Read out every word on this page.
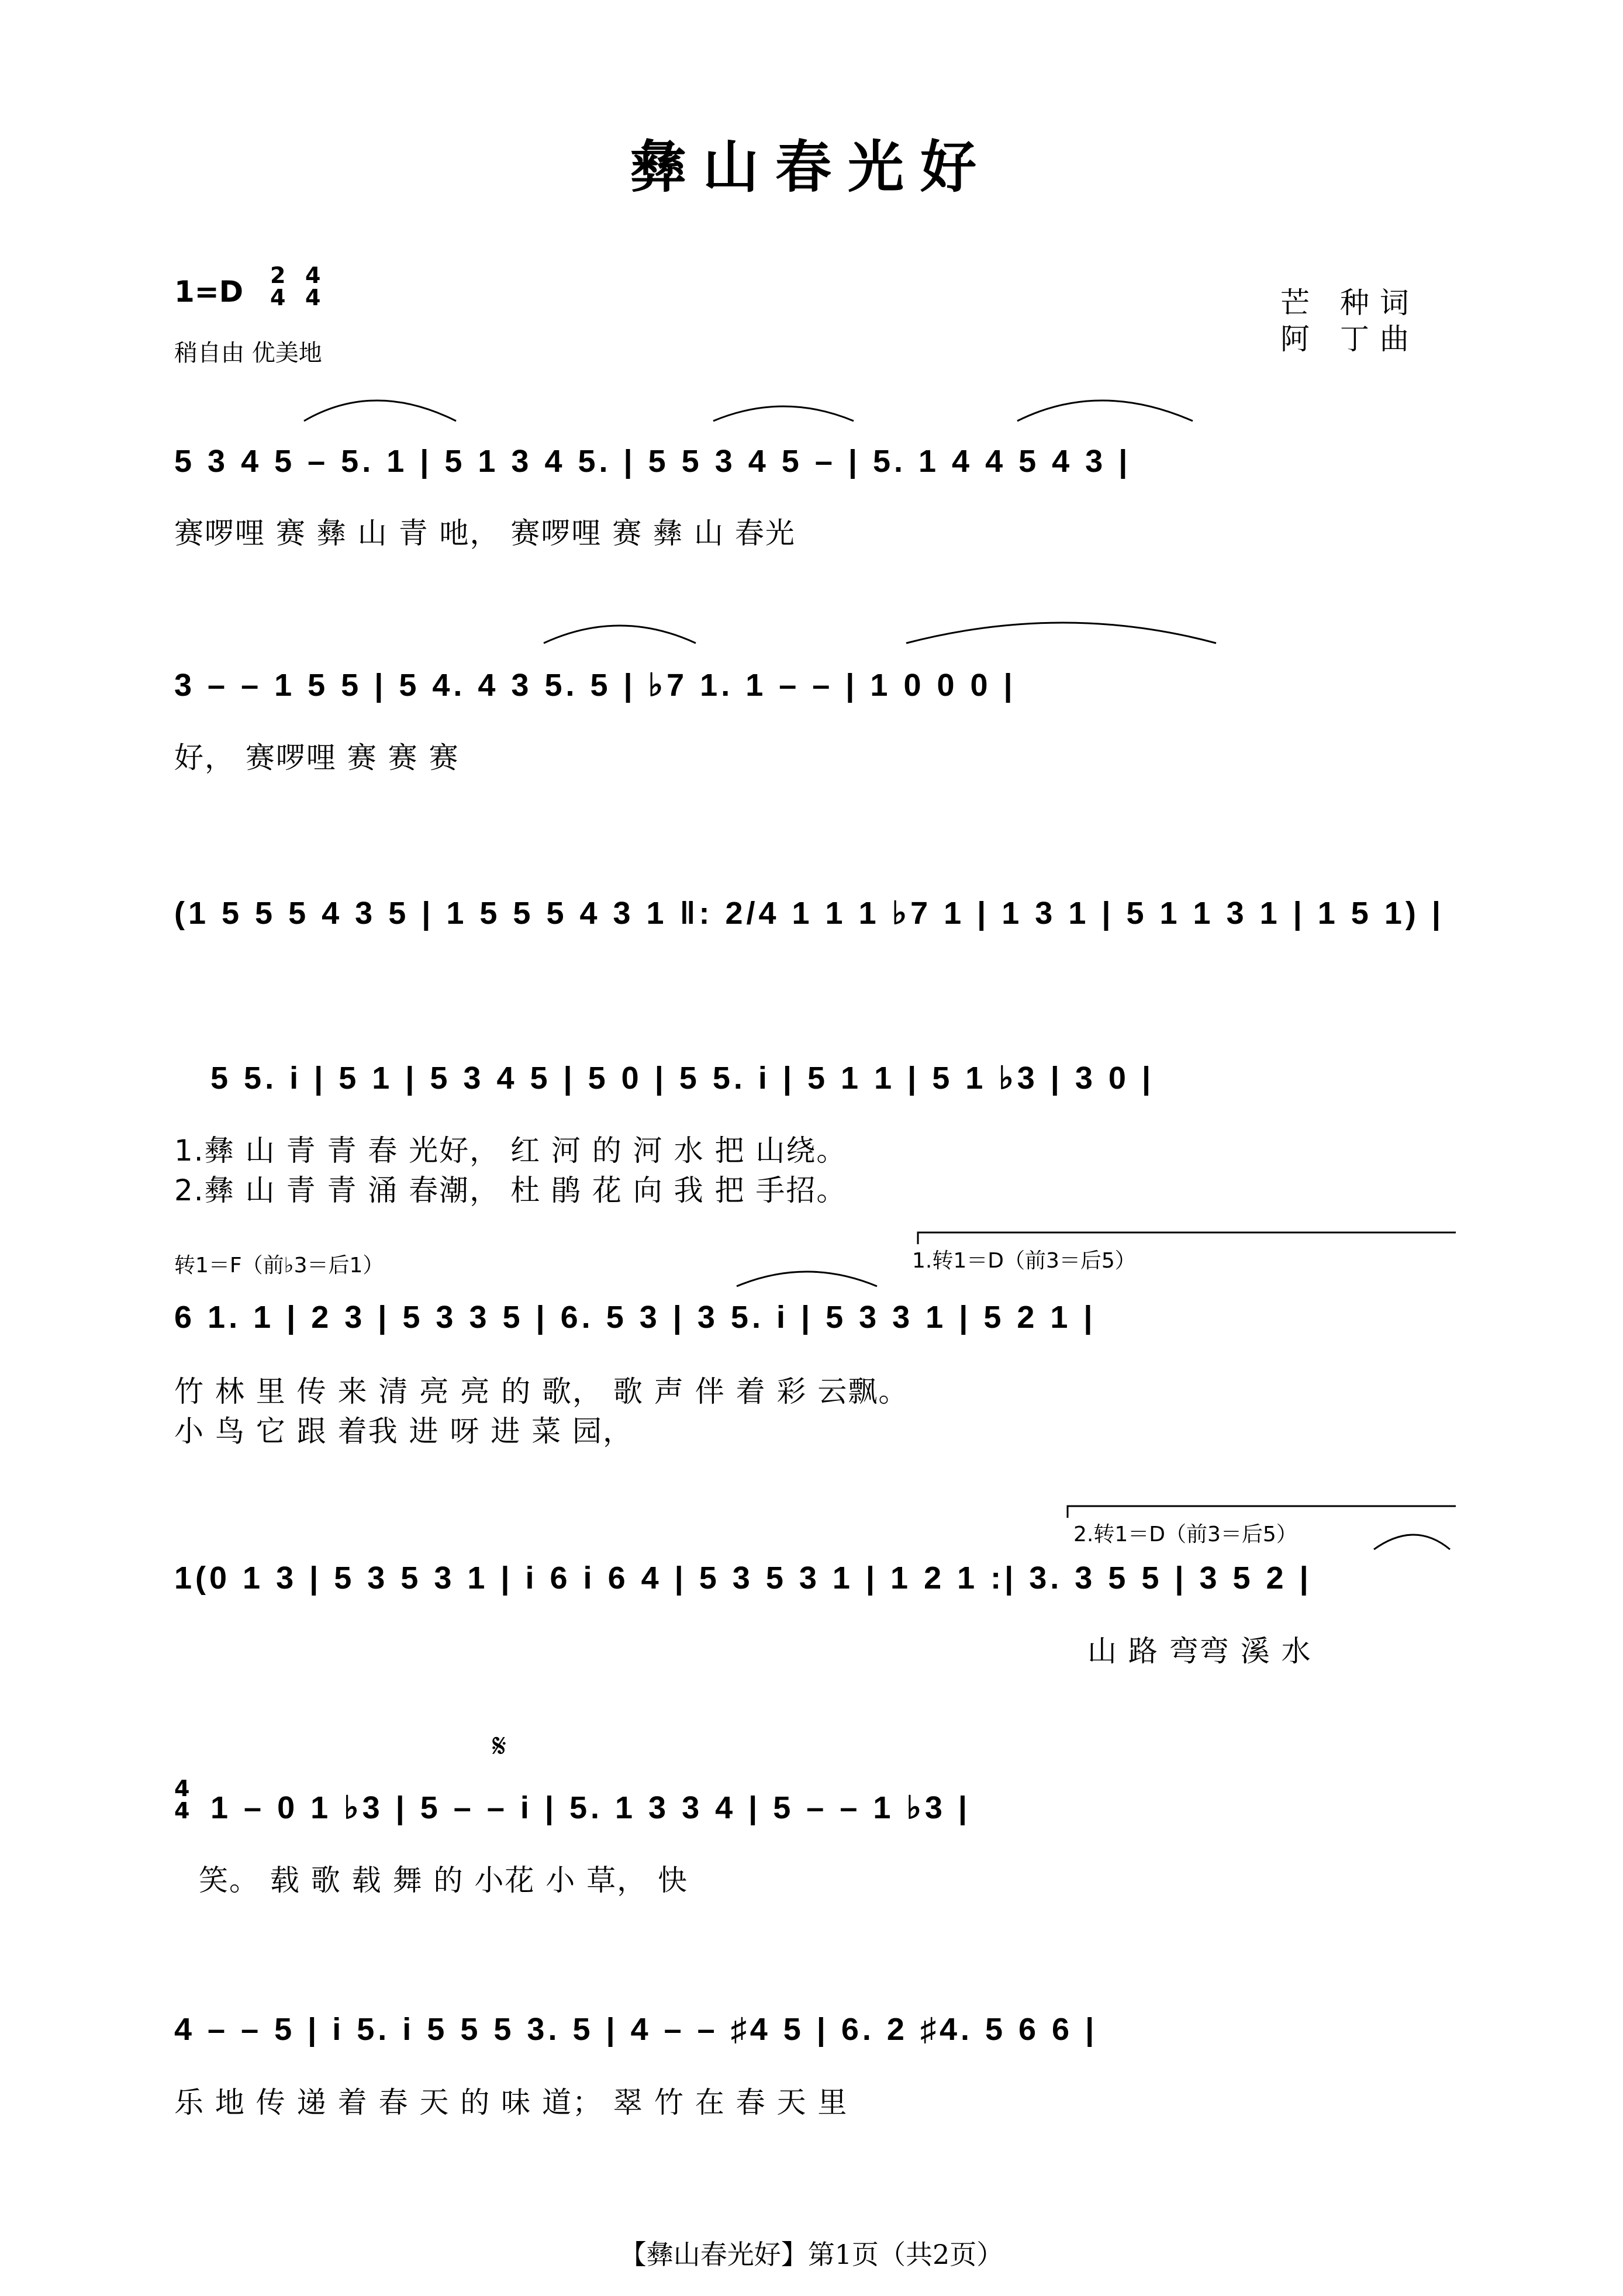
彝山春光好
1=D 2
4
4
4
稍自由 优美地
芒 种词
阿 丁曲
5 3 4 5 – 5. 1 | 5 1 3 4 5. | 5 5 3 4 5 – | 5. 1 4 4 5 4 3 |
赛啰哩 赛 彝 山 青 吔， 赛啰哩 赛 彝 山 春光
3 – – 1 5 5 | 5 4. 4 3 5. 5 | ♭7 1. 1 – – | 1 0 0 0 |
好， 赛啰哩 赛 赛 赛
(1 5 5 5 4 3 5 | 1 5 5 5 4 3 1 ‖: 2/4 1 1 1 ♭7 1 | 1 3 1 | 5 1 1 3 1 | 1 5 1) |
5 5. i | 5 1 | 5 3 4 5 | 5 0 | 5 5. i | 5 1 1 | 5 1 ♭3 | 3 0 |
1.彝 山 青 青 春 光好， 红 河 的 河 水 把 山绕。
2.彝 山 青 青 涌 春潮， 杜 鹃 花 向 我 把 手招。
转1＝F（前♭3＝后1）	1.转1＝D（前3＝后5）
6 1. 1 | 2 3 | 5 3 3 5 | 6. 5 3 | 3 5. i | 5 3 3 1 | 5 2 1 |
竹 林 里 传 来 清 亮 亮 的 歌， 歌 声 伴 着 彩 云飘。
小 鸟 它 跟 着我 进 呀 进 菜 园，
2.转1＝D（前3＝后5）
1(0 1 3 | 5 3 5 3 1 | i 6 i 6 4 | 5 3 5 3 1 | 1 2 1 :| 3. 3 5 5 | 3 5 2 |
山 路 弯弯 溪 水
4
4
𝄋
1 – 0 1 ♭3 | 5 – – i | 5. 1 3 3 4 | 5 – – 1 ♭3 |
笑。 载 歌 载 舞 的 小花 小 草， 快
4 – – 5 | i 5. i 5 5 5 3. 5 | 4 – – ♯4 5 | 6. 2 ♯4. 5 6 6 |
乐 地 传 递 着 春 天 的 味 道； 翠 竹 在 春 天 里
【彝山春光好】第1页（共2页）
